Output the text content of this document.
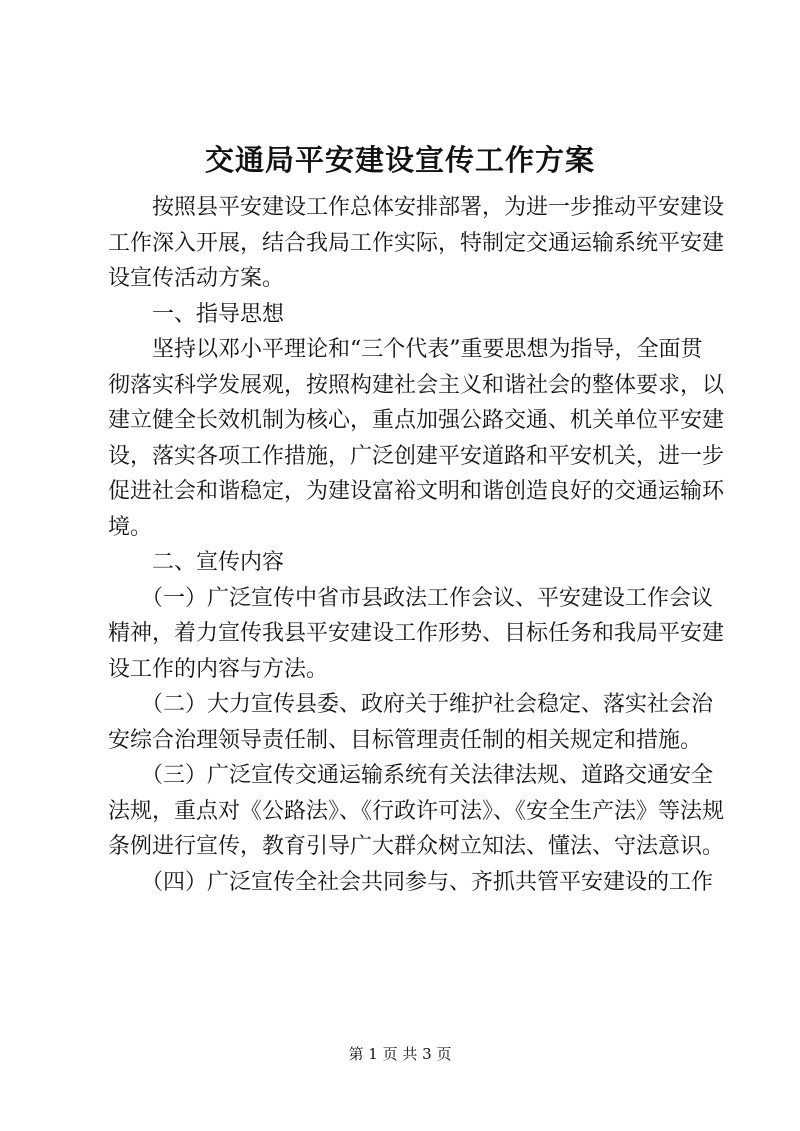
交通局平安建设宣传工作方案
　　按照县平安建设工作总体安排部署，为进一步推动平安建设
工作深入开展，结合我局工作实际，特制定交通运输系统平安建
设宣传活动方案。
　　一、指导思想
　　坚持以邓小平理论和“三个代表”重要思想为指导，全面贯
彻落实科学发展观，按照构建社会主义和谐社会的整体要求，以
建立健全长效机制为核心，重点加强公路交通、机关单位平安建
设，落实各项工作措施，广泛创建平安道路和平安机关，进一步
促进社会和谐稳定，为建设富裕文明和谐创造良好的交通运输环
境。
　　二、宣传内容
　　（一）广泛宣传中省市县政法工作会议、平安建设工作会议
精神，着力宣传我县平安建设工作形势、目标任务和我局平安建
设工作的内容与方法。
　　（二）大力宣传县委、政府关于维护社会稳定、落实社会治
安综合治理领导责任制、目标管理责任制的相关规定和措施。
　　（三）广泛宣传交通运输系统有关法律法规、道路交通安全
法规，重点对《公路法》、《行政许可法》、《安全生产法》等法规
条例进行宣传，教育引导广大群众树立知法、懂法、守法意识。
　　（四）广泛宣传全社会共同参与、齐抓共管平安建设的工作
第 1 页 共 3 页
